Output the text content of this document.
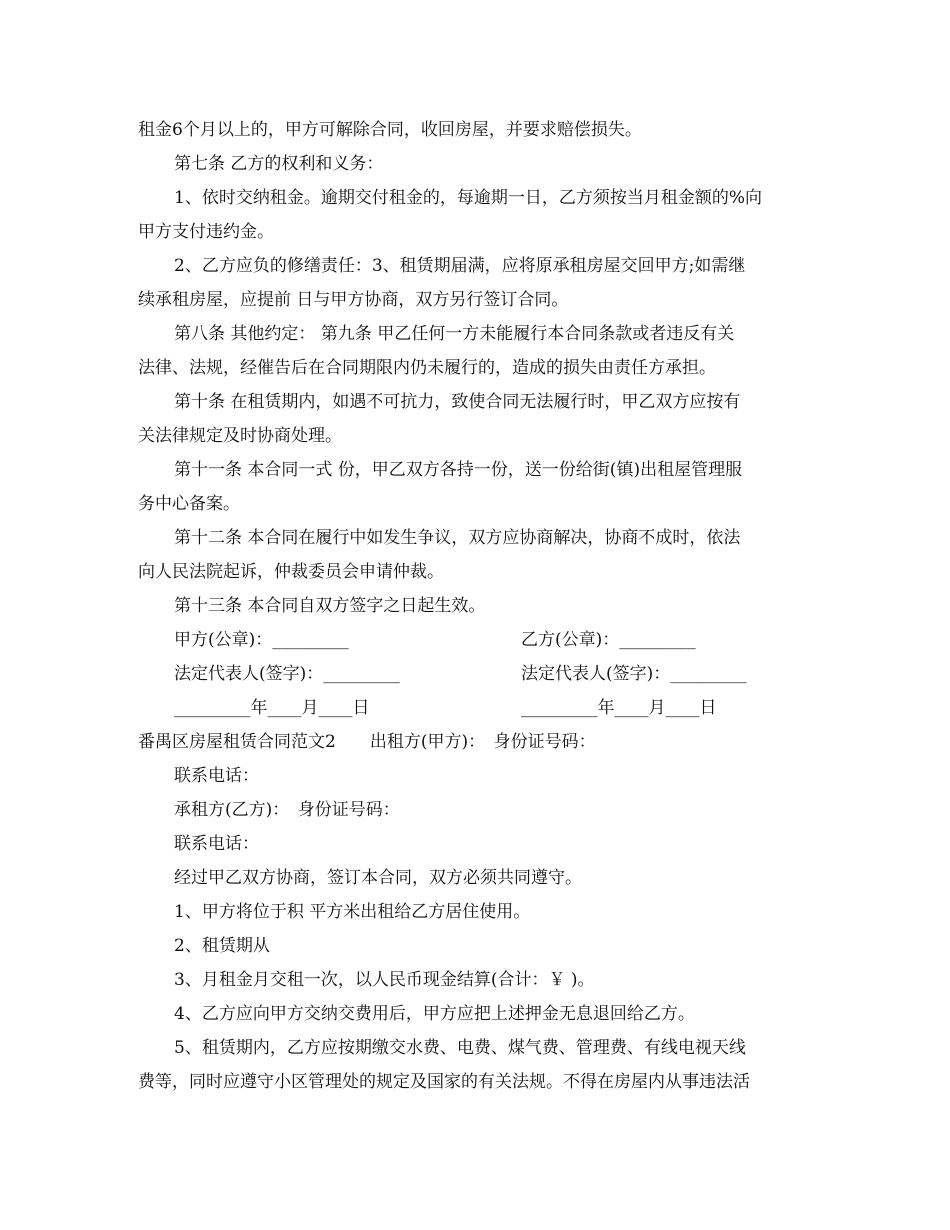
租金6个月以上的，甲方可解除合同，收回房屋，并要求赔偿损失。
第七条 乙方的权利和义务：
1、依时交纳租金。逾期交付租金的，每逾期一日，乙方须按当月租金额的%向
甲方支付违约金。
2、乙方应负的修缮责任：3、租赁期届满，应将原承租房屋交回甲方;如需继
续承租房屋，应提前 日与甲方协商，双方另行签订合同。
第八条 其他约定： 第九条 甲乙任何一方未能履行本合同条款或者违反有关
法律、法规，经催告后在合同期限内仍未履行的，造成的损失由责任方承担。
第十条 在租赁期内，如遇不可抗力，致使合同无法履行时，甲乙双方应按有
关法律规定及时协商处理。
第十一条 本合同一式 份，甲乙双方各持一份，送一份给街(镇)出租屋管理服
务中心备案。
第十二条 本合同在履行中如发生争议，双方应协商解决，协商不成时，依法
向人民法院起诉，仲裁委员会申请仲裁。
第十三条 本合同自双方签字之日起生效。
甲方(公章)：_________	乙方(公章)：_________
法定代表人(签字)：_________	法定代表人(签字)：_________
_________年____月____日	_________年____月____日
番禺区房屋租赁合同范文2　　出租方(甲方)：　身份证号码：
联系电话：
承租方(乙方)：　身份证号码：
联系电话：
经过甲乙双方协商，签订本合同，双方必须共同遵守。
1、甲方将位于积 平方米出租给乙方居住使用。
2、租赁期从
3、月租金月交租一次，以人民币现金结算(合计：￥ )。
4、乙方应向甲方交纳交费用后，甲方应把上述押金无息退回给乙方。
5、租赁期内，乙方应按期缴交水费、电费、煤气费、管理费、有线电视天线
费等，同时应遵守小区管理处的规定及国家的有关法规。不得在房屋内从事违法活
